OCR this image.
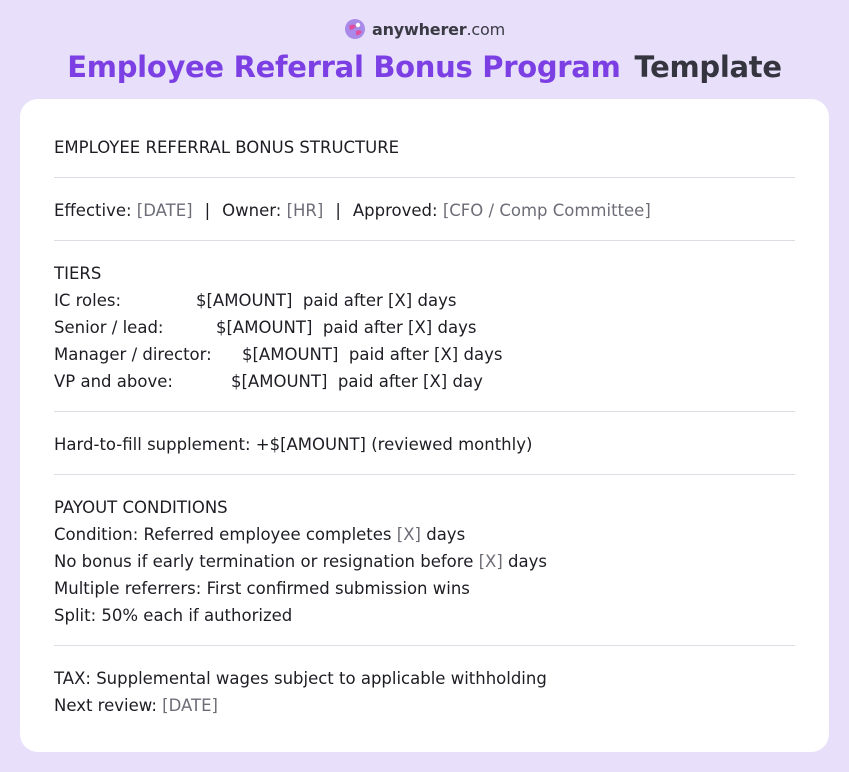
anywherer.com
Employee Referral Bonus Program Template
EMPLOYEE REFERRAL BONUS STRUCTURE
Effective: [DATE] | Owner: [HR] | Approved: [CFO / Comp Committee]
TIERS
IC roles:	$[AMOUNT] paid after [X] days
Senior / lead:	$[AMOUNT] paid after [X] days
Manager / director: $[AMOUNT] paid after [X] days
VP and above:	$[AMOUNT] paid after [X] day
Hard-to-fill supplement: +$[AMOUNT] (reviewed monthly)
PAYOUT CONDITIONS
Condition: Referred employee completes [X] days
No bonus if early termination or resignation before [X] days
Multiple referrers: First confirmed submission wins
Split: 50% each if authorized
TAX: Supplemental wages subject to applicable withholding
Next review: [DATE]
